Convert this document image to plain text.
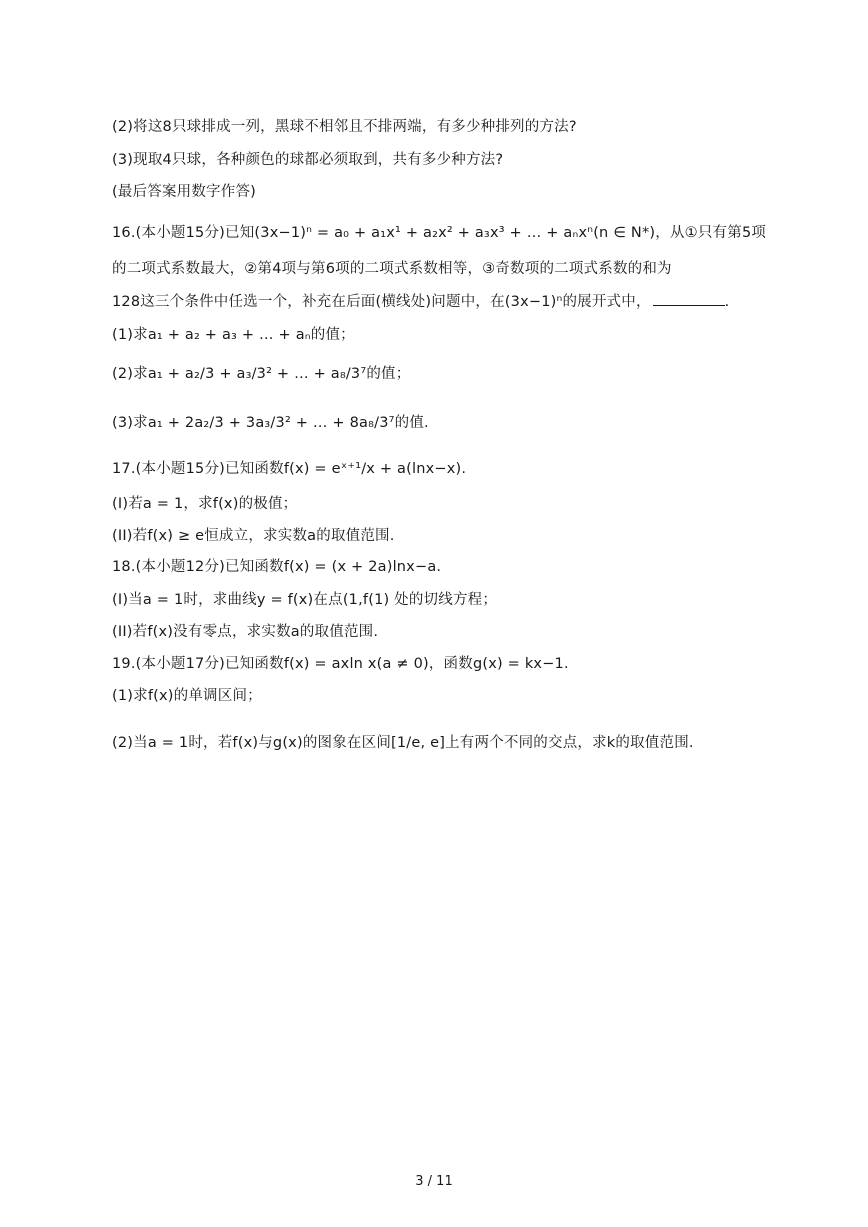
(2)将这8只球排成一列，黑球不相邻且不排两端，有多少种排列的方法?
(3)现取4只球，各种颜色的球都必须取到，共有多少种方法?
(最后答案用数字作答)
16.(本小题15分)已知(3x−1)ⁿ = a₀ + a₁x¹ + a₂x² + a₃x³ + … + aₙxⁿ(n ∈ N*)，从①只有第5项
的二项式系数最大，②第4项与第6项的二项式系数相等，③奇数项的二项式系数的和为
128这三个条件中任选一个，补充在后面(横线处)问题中，在(3x−1)ⁿ的展开式中，	.
(1)求a₁ + a₂ + a₃ + … + aₙ的值；
(2)求a₁ + a₂/3 + a₃/3² + … + a₈/3⁷的值；
(3)求a₁ + 2a₂/3 + 3a₃/3² + … + 8a₈/3⁷的值.
17.(本小题15分)已知函数f(x) = eˣ⁺¹/x + a(lnx−x).
(I)若a = 1，求f(x)的极值；
(II)若f(x) ≥ e恒成立，求实数a的取值范围.
18.(本小题12分)已知函数f(x) = (x + 2a)lnx−a.
(I)当a = 1时，求曲线y = f(x)在点(1,f(1) 处的切线方程；
(II)若f(x)没有零点，求实数a的取值范围.
19.(本小题17分)已知函数f(x) = axln x(a ≠ 0)，函数g(x) = kx−1.
(1)求f(x)的单调区间；
(2)当a = 1时，若f(x)与g(x)的图象在区间[1/e, e]上有两个不同的交点，求k的取值范围.
3 / 11
